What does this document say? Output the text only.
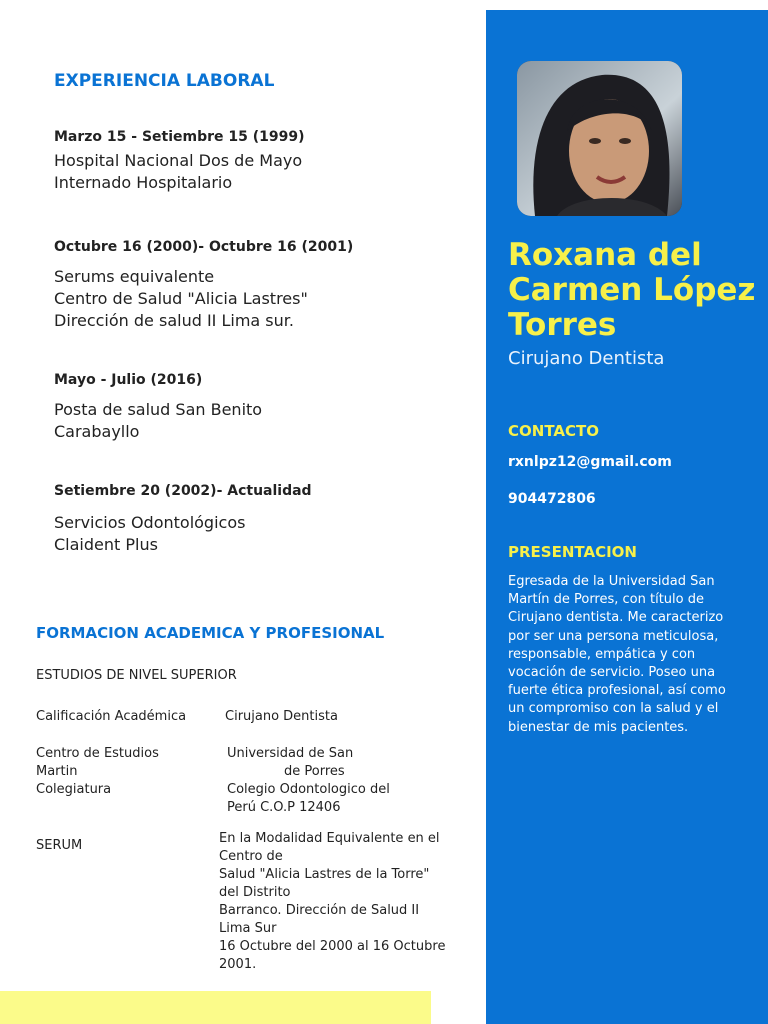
EXPERIENCIA LABORAL
Marzo 15 - Setiembre 15 (1999)
Hospital Nacional Dos de Mayo
Internado Hospitalario
Octubre 16 (2000)- Octubre 16 (2001)
Serums equivalente
Centro de Salud "Alicia Lastres"
Dirección de salud II Lima sur.
Mayo - Julio (2016)
Posta de salud San Benito
Carabayllo
Setiembre 20 (2002)- Actualidad
Servicios Odontológicos
Claident Plus
FORMACION ACADEMICA Y PROFESIONAL
ESTUDIOS DE NIVEL SUPERIOR
Calificación Académica	Cirujano Dentista
Centro de Estudios
Martin
Colegiatura
Universidad de San
de Porres
Colegio Odontologico del
Perú C.O.P 12406
SERUM	En la Modalidad Equivalente en el
Centro de
Salud "Alicia Lastres de la Torre"
del Distrito
Barranco. Dirección de Salud II
Lima Sur
16 Octubre del 2000 al 16 Octubre
2001.
Roxana del
Carmen López
Torres
Cirujano Dentista
CONTACTO
rxnlpz12@gmail.com
904472806
PRESENTACION
Egresada de la Universidad San
Martín de Porres, con título de
Cirujano dentista. Me caracterizo
por ser una persona meticulosa,
responsable, empática y con
vocación de servicio. Poseo una
fuerte ética profesional, así como
un compromiso con la salud y el
bienestar de mis pacientes.
